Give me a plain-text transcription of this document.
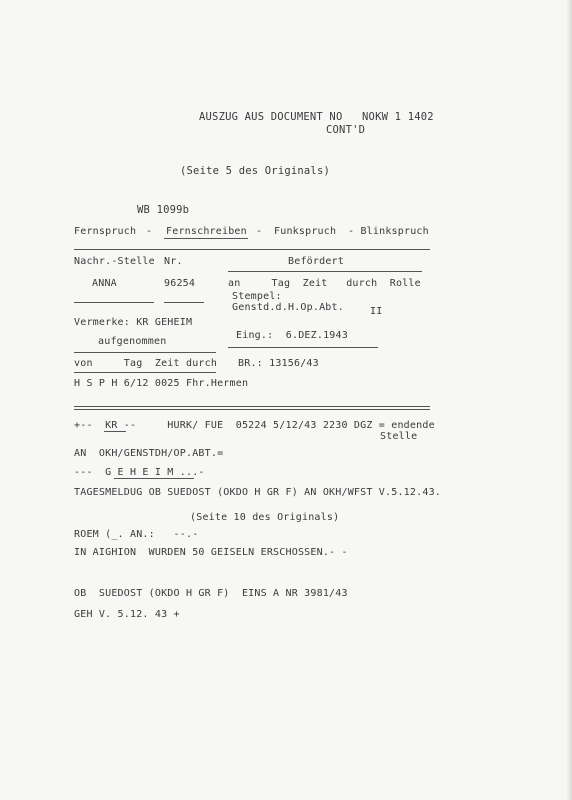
AUSZUG AUS DOCUMENT NO   NOKW 1 1402
CONT'D
(Seite 5 des Originals)
WB 1099b
Fernspruch - Fernschreiben - Funkspruch - Blinkspruch
Nachr.-Stelle Nr.	Befördert
ANNA	96254	an     Tag  Zeit   durch  Rolle
Stempel:
Genstd.d.H.Op.Abt.	II
Vermerke: KR GEHEIM
Eing.:  6.DEZ.1943
aufgenommen
von     Tag  Zeit durch BR.: 13156/43
H S P H 6/12 0025 Fhr.Hermen
+--  KR --     HURK/ FUE  05224 5/12/43 2230 DGZ = endende
Stelle
AN  OKH/GENSTDH/OP.ABT.=
---  G E H E I M ...-
TAGESMELDUG OB SUEDOST (OKDO H GR F) AN OKH/WFST V.5.12.43.
(Seite 10 des Originals)
ROEM (_. AN.:   --.-
IN AIGHION  WURDEN 50 GEISELN ERSCHOSSEN.- -
OB  SUEDOST (OKDO H GR F)  EINS A NR 3981/43
GEH V. 5.12. 43 +
